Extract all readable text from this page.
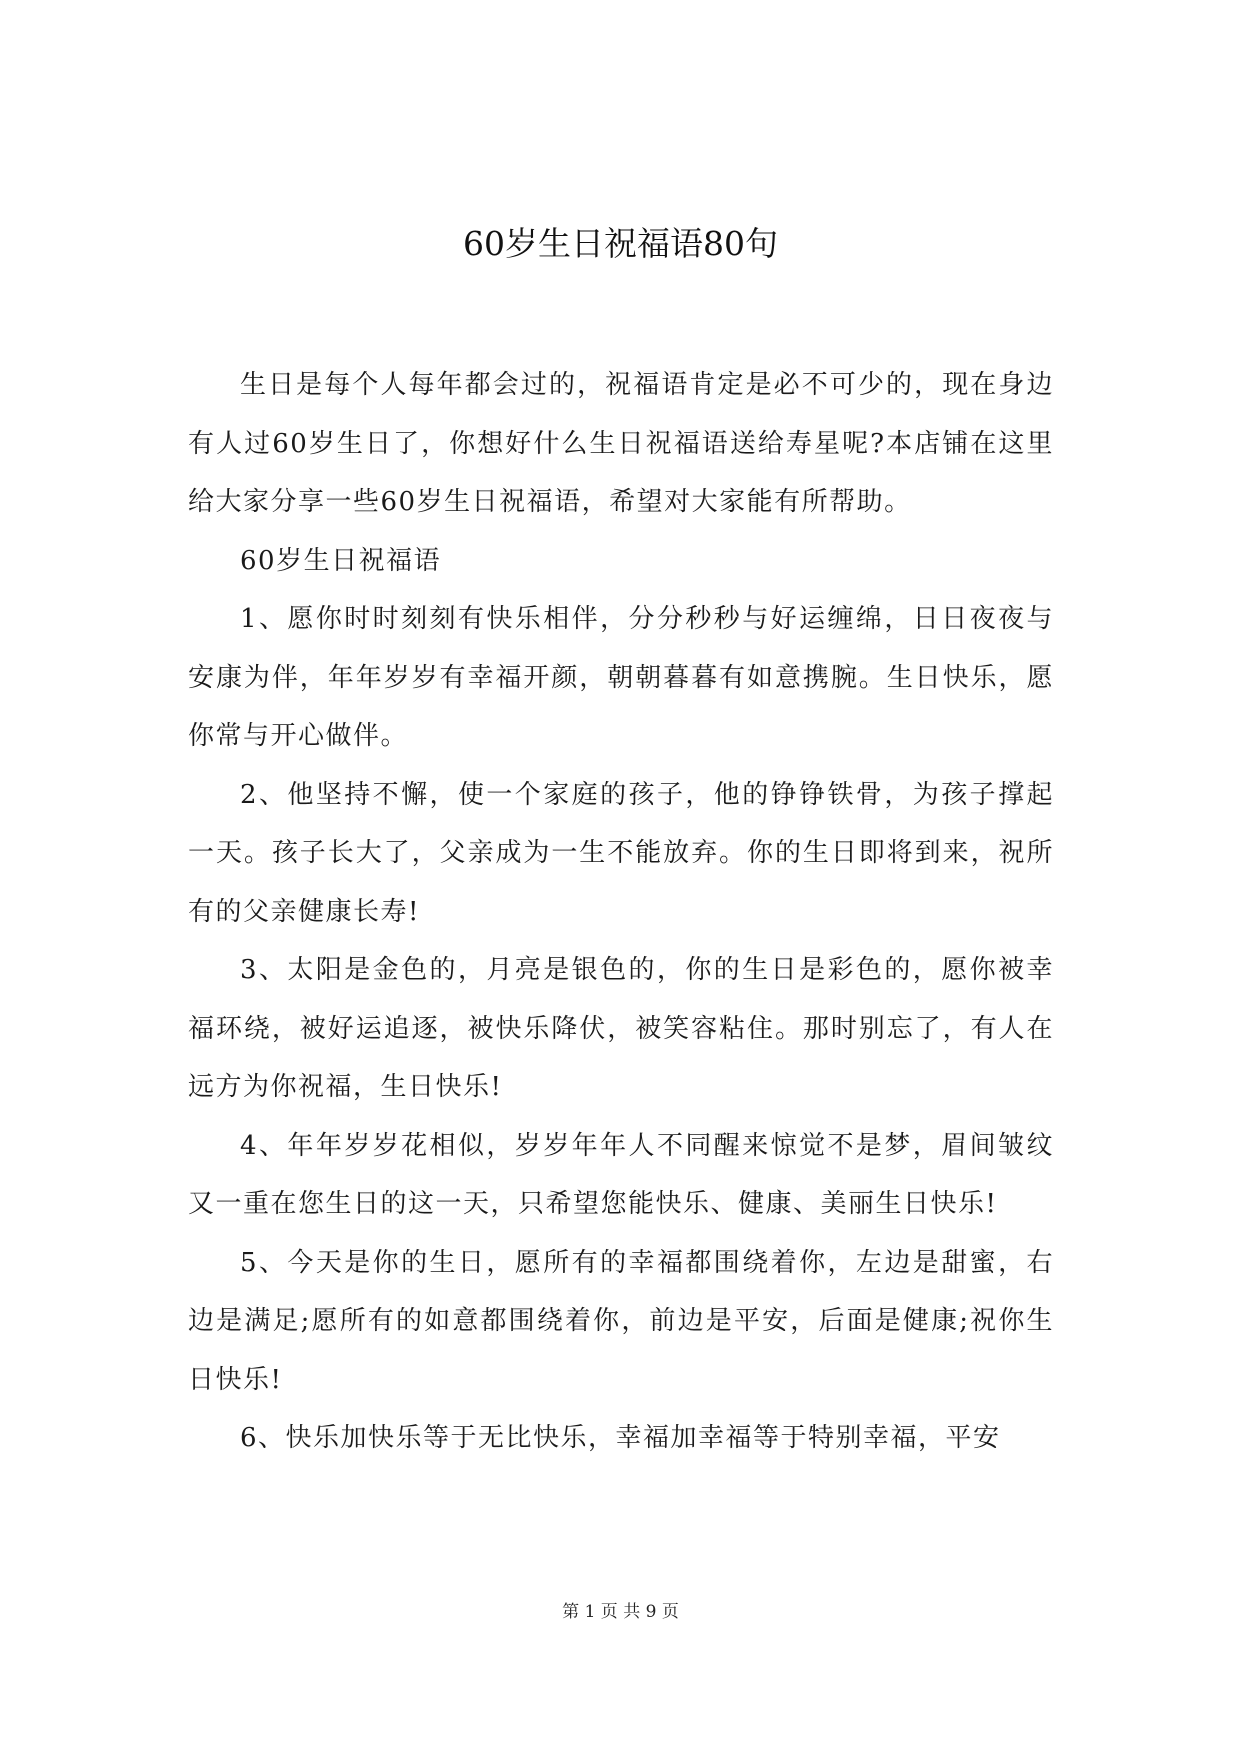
60岁生日祝福语80句

生日是每个人每年都会过的，祝福语肯定是必不可少的，现在身边有人过60岁生日了，你想好什么生日祝福语送给寿星呢?本店铺在这里给大家分享一些60岁生日祝福语，希望对大家能有所帮助。

60岁生日祝福语

1、愿你时时刻刻有快乐相伴，分分秒秒与好运缠绵，日日夜夜与安康为伴，年年岁岁有幸福开颜，朝朝暮暮有如意携腕。生日快乐，愿你常与开心做伴。

2、他坚持不懈，使一个家庭的孩子，他的铮铮铁骨，为孩子撑起一天。孩子长大了，父亲成为一生不能放弃。你的生日即将到来，祝所有的父亲健康长寿!

3、太阳是金色的，月亮是银色的，你的生日是彩色的，愿你被幸福环绕，被好运追逐，被快乐降伏，被笑容粘住。那时别忘了，有人在远方为你祝福，生日快乐!

4、年年岁岁花相似，岁岁年年人不同醒来惊觉不是梦，眉间皱纹又一重在您生日的这一天，只希望您能快乐、健康、美丽生日快乐!

5、今天是你的生日，愿所有的幸福都围绕着你，左边是甜蜜，右边是满足;愿所有的如意都围绕着你，前边是平安，后面是健康;祝你生日快乐!

6、快乐加快乐等于无比快乐，幸福加幸福等于特别幸福，平安

第 1 页 共 9 页
